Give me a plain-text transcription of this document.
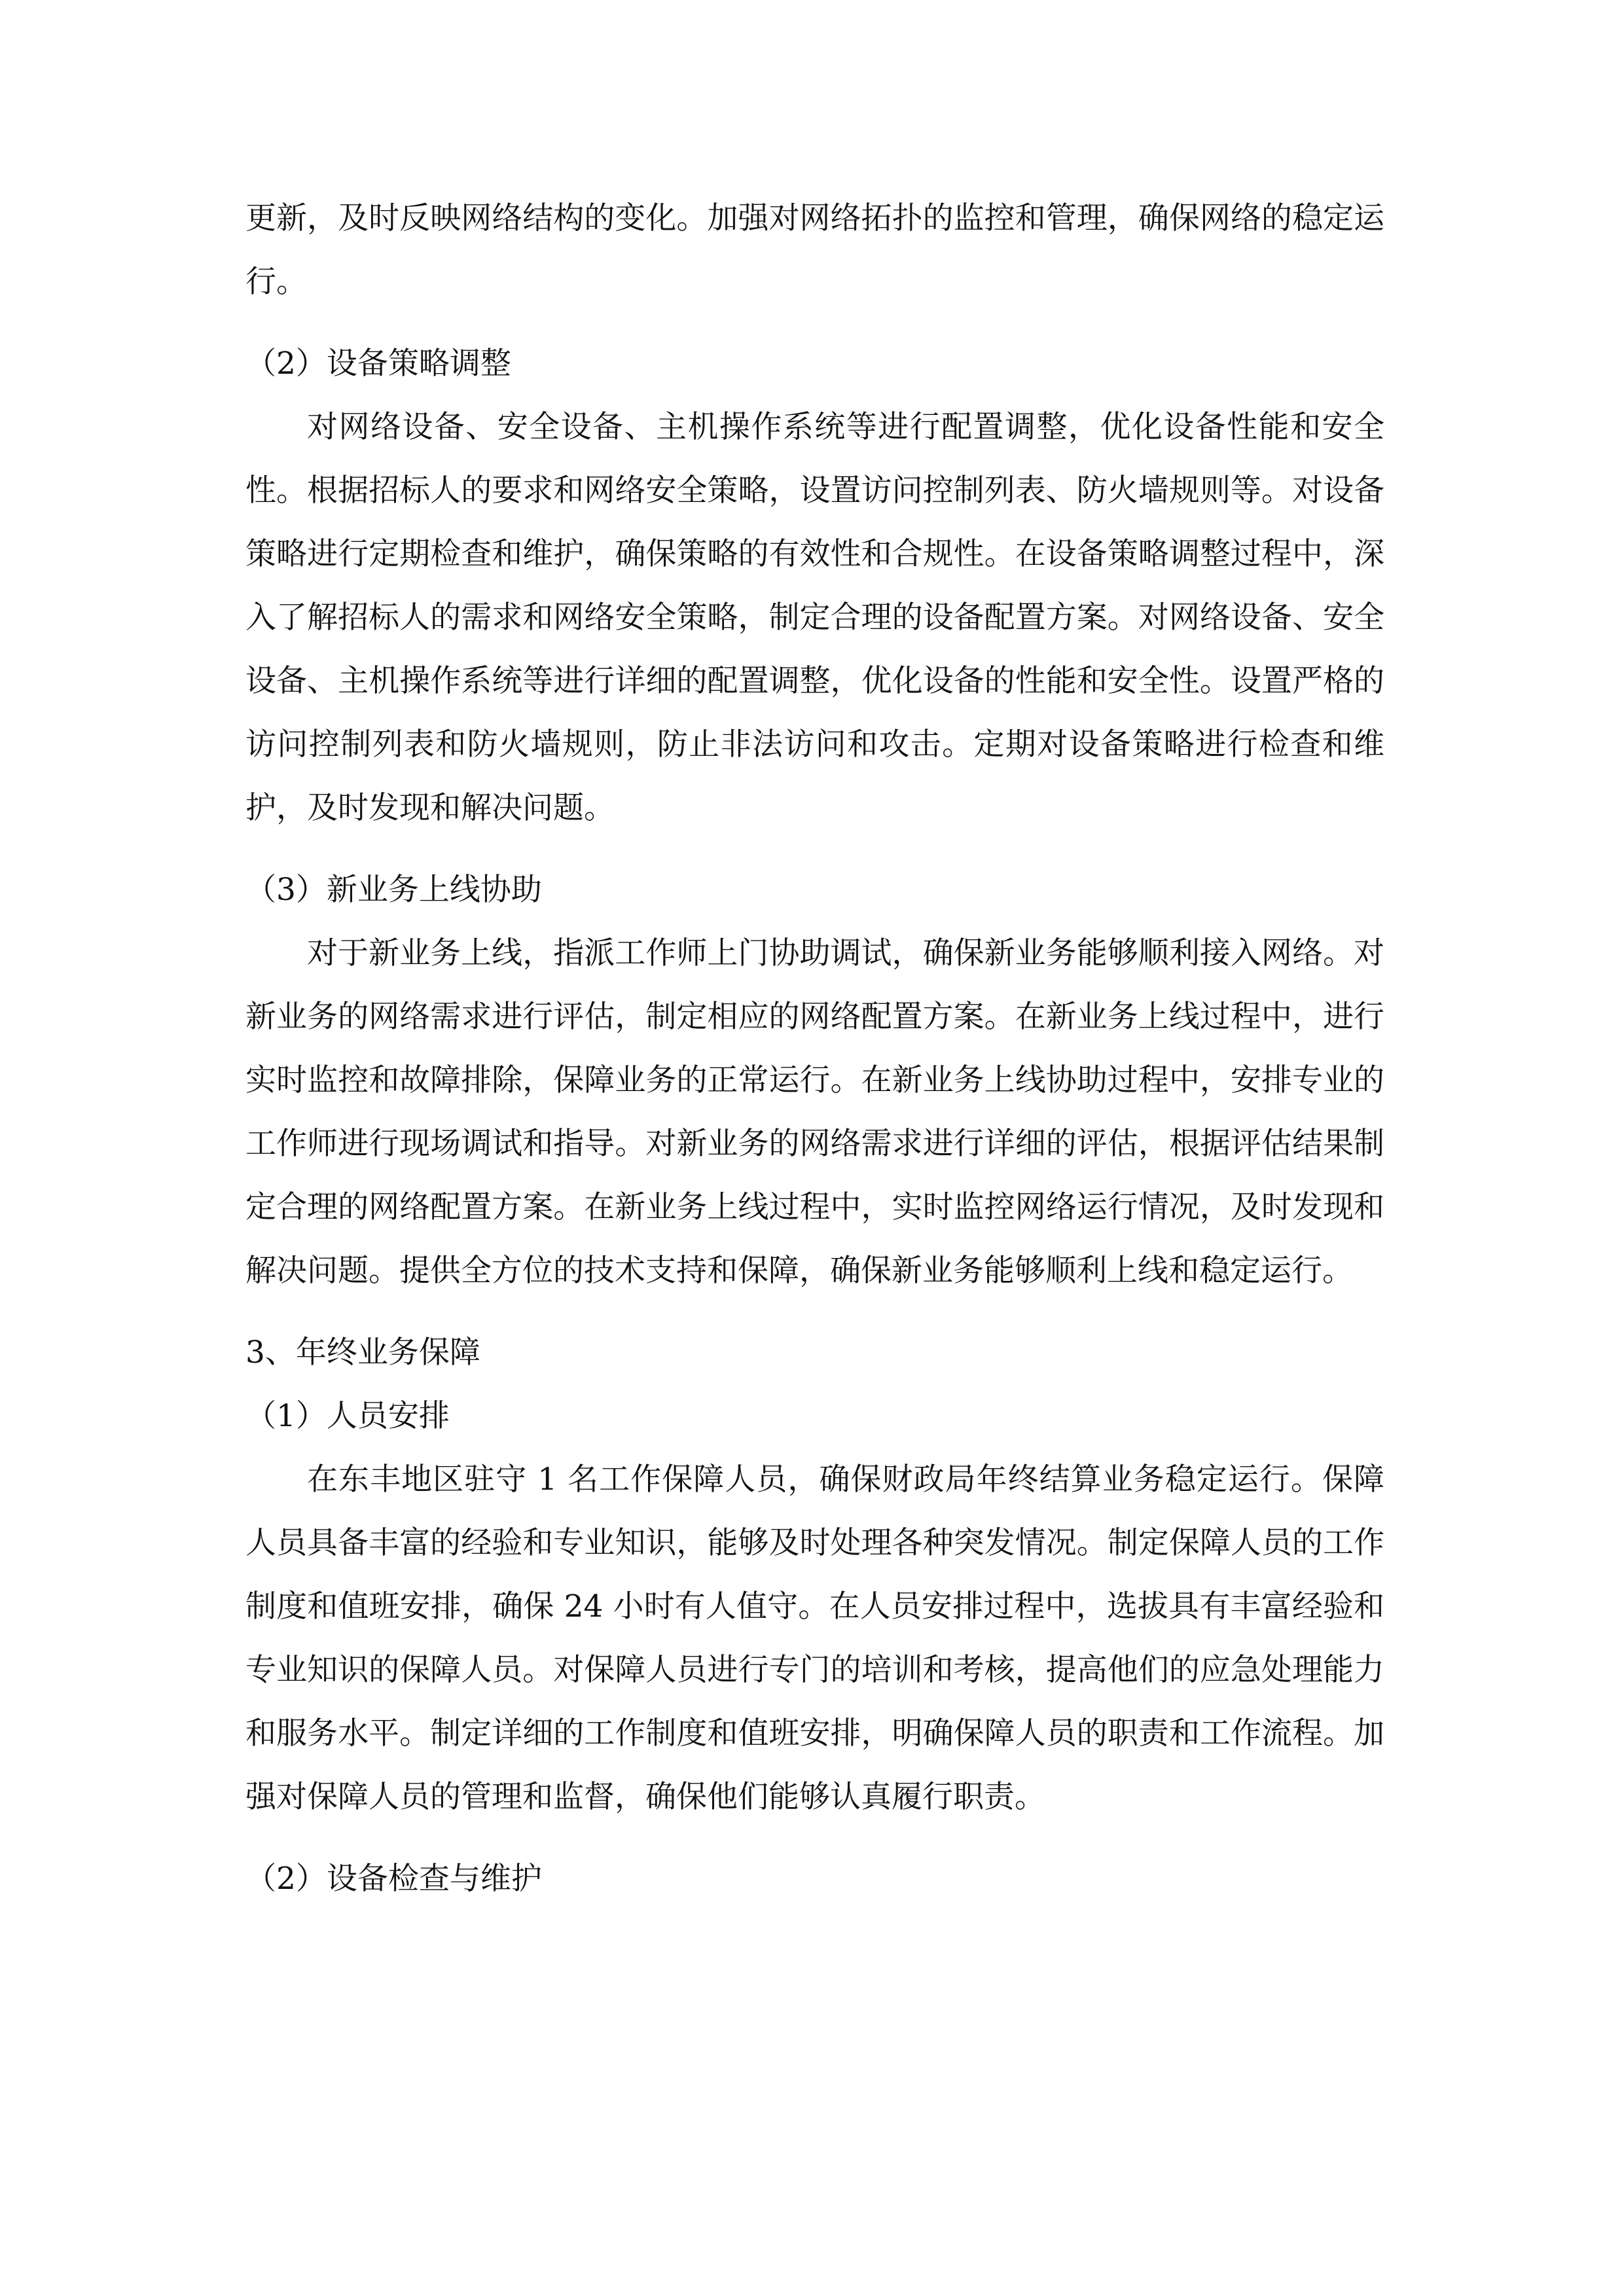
更新，及时反映网络结构的变化。加强对网络拓扑的监控和管理，确保网络的稳定运行。

（2）设备策略调整

对网络设备、安全设备、主机操作系统等进行配置调整，优化设备性能和安全性。根据招标人的要求和网络安全策略，设置访问控制列表、防火墙规则等。对设备策略进行定期检查和维护，确保策略的有效性和合规性。在设备策略调整过程中，深入了解招标人的需求和网络安全策略，制定合理的设备配置方案。对网络设备、安全设备、主机操作系统等进行详细的配置调整，优化设备的性能和安全性。设置严格的访问控制列表和防火墙规则，防止非法访问和攻击。定期对设备策略进行检查和维护，及时发现和解决问题。

（3）新业务上线协助

对于新业务上线，指派工作师上门协助调试，确保新业务能够顺利接入网络。对新业务的网络需求进行评估，制定相应的网络配置方案。在新业务上线过程中，进行实时监控和故障排除，保障业务的正常运行。在新业务上线协助过程中，安排专业的工作师进行现场调试和指导。对新业务的网络需求进行详细的评估，根据评估结果制定合理的网络配置方案。在新业务上线过程中，实时监控网络运行情况，及时发现和解决问题。提供全方位的技术支持和保障，确保新业务能够顺利上线和稳定运行。

3、年终业务保障
（1）人员安排

在东丰地区驻守 1 名工作保障人员，确保财政局年终结算业务稳定运行。保障人员具备丰富的经验和专业知识，能够及时处理各种突发情况。制定保障人员的工作制度和值班安排，确保 24 小时有人值守。在人员安排过程中，选拔具有丰富经验和专业知识的保障人员。对保障人员进行专门的培训和考核，提高他们的应急处理能力和服务水平。制定详细的工作制度和值班安排，明确保障人员的职责和工作流程。加强对保障人员的管理和监督，确保他们能够认真履行职责。

（2）设备检查与维护
